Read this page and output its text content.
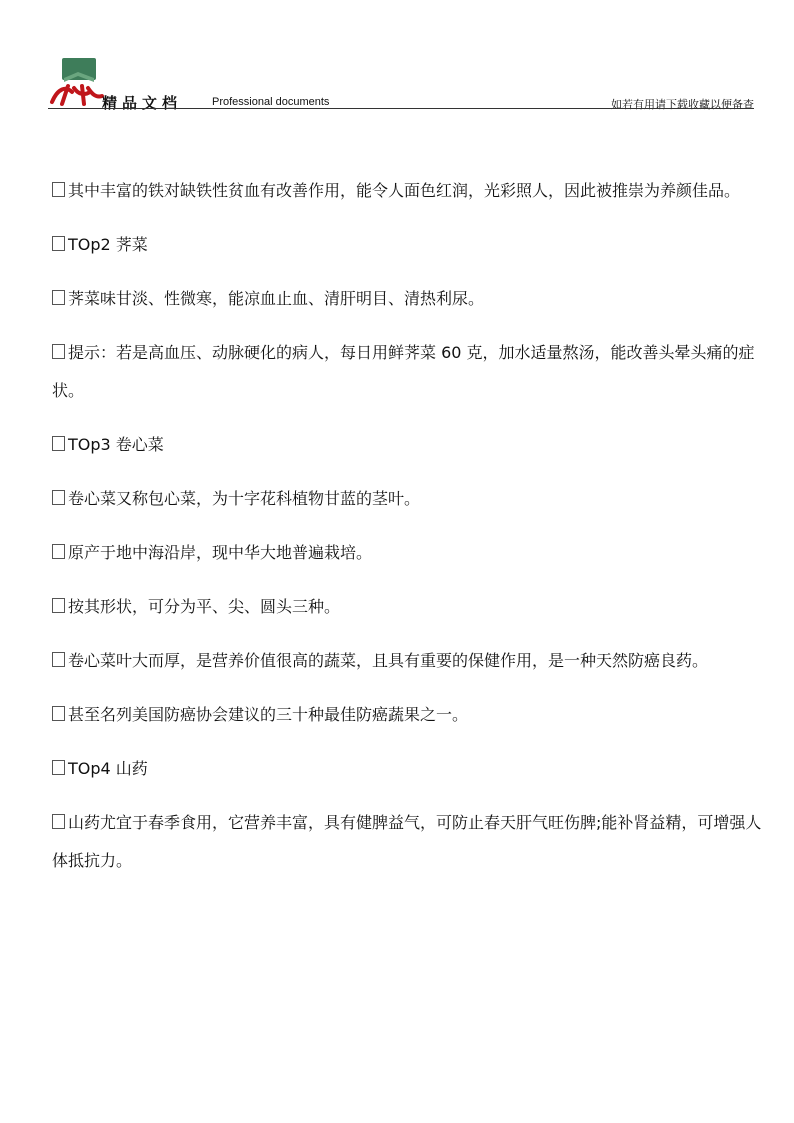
精品文档	Professional documents	如若有用请下载收藏以便备查

其中丰富的铁对缺铁性贫血有改善作用，能令人面色红润，光彩照人，因此被推崇为养颜佳品。

TOp2 荠菜

荠菜味甘淡、性微寒，能凉血止血、清肝明目、清热利尿。

提示：若是高血压、动脉硬化的病人，每日用鲜荠菜 60 克，加水适量熬汤，能改善头晕头痛的症状。

TOp3 卷心菜

卷心菜又称包心菜，为十字花科植物甘蓝的茎叶。

原产于地中海沿岸，现中华大地普遍栽培。

按其形状，可分为平、尖、圆头三种。

卷心菜叶大而厚，是营养价值很高的蔬菜，且具有重要的保健作用，是一种天然防癌良药。

甚至名列美国防癌协会建议的三十种最佳防癌蔬果之一。

TOp4 山药

山药尤宜于春季食用，它营养丰富，具有健脾益气，可防止春天肝气旺伤脾;能补肾益精，可增强人体抵抗力。
